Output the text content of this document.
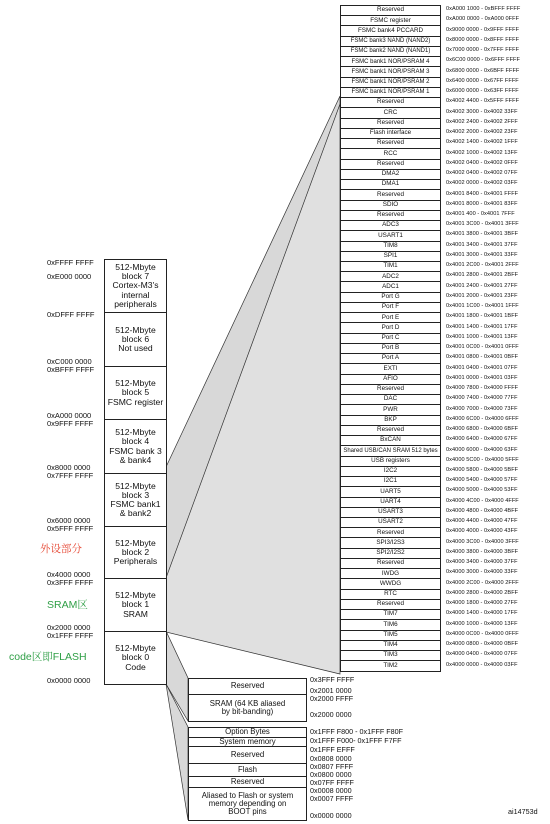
512-Mbyte
block 7
Cortex-M3's
internal
peripherals
512-Mbyte
block 6
Not used
512-Mbyte
block 5
FSMC register
512-Mbyte
block 4
FSMC bank 3
& bank4
512-Mbyte
block 3
FSMC bank1
& bank2
512-Mbyte
block 2
Peripherals
512-Mbyte
block 1
SRAM
512-Mbyte
block 0
Code
0xFFFF FFFF
0xE000 0000
0xDFFF FFFF
0xC000 0000
0xBFFF FFFF
0xA000 0000
0x9FFF FFFF
0x8000 0000
0x7FFF FFFF
0x6000 0000
0x5FFF FFFF
0x4000 0000
0x3FFF FFFF
0x2000 0000
0x1FFF FFFF
0x0000 0000
外设部分
SRAM区
code区即FLASH
Reserved	0xA000 1000 - 0xBFFF FFFF
FSMC register	0xA000 0000 - 0xA000 0FFF
FSMC bank4 PCCARD	0x9000 0000 - 0x9FFF FFFF
FSMC bank3 NAND (NAND2)	0x8000 0000 - 0x8FFF FFFF
FSMC bank2 NAND (NAND1)	0x7000 0000 - 0x7FFF FFFF
FSMC bank1 NOR/PSRAM 4	0x6C00 0000 - 0x6FFF FFFF
FSMC bank1 NOR/PSRAM 3	0x6800 0000 - 0x6BFF FFFF
FSMC bank1 NOR/PSRAM 2	0x6400 0000 - 0x67FF FFFF
FSMC bank1 NOR/PSRAM 1	0x6000 0000 - 0x63FF FFFF
Reserved	0x4002 4400 - 0x5FFF FFFF
CRC	0x4002 3000 - 0x4002 33FF
Reserved	0x4002 2400 - 0x4002 2FFF
Flash interface	0x4002 2000 - 0x4002 23FF
Reserved	0x4002 1400 - 0x4002 1FFF
RCC	0x4002 1000 - 0x4002 13FF
Reserved	0x4002 0400 - 0x4002 0FFF
DMA2	0x4002 0400 - 0x4002 07FF
DMA1	0x4002 0000 - 0x4002 03FF
Reserved	0x4001 8400 - 0x4001 FFFF
SDIO	0x4001 8000 - 0x4001 83FF
Reserved	0x4001 400 - 0x4001 7FFF
ADC3	0x4001 3C00 - 0x4001 3FFF
USART1	0x4001 3800 - 0x4001 3BFF
TIM8	0x4001 3400 - 0x4001 37FF
SPI1	0x4001 3000 - 0x4001 33FF
TIM1	0x4001 2C00 - 0x4001 2FFF
ADC2	0x4001 2800 - 0x4001 2BFF
ADC1	0x4001 2400 - 0x4001 27FF
Port G	0x4001 2000 - 0x4001 23FF
Port F	0x4001 1C00 - 0x4001 1FFF
Port E	0x4001 1800 - 0x4001 1BFF
Port D	0x4001 1400 - 0x4001 17FF
Port C	0x4001 1000 - 0x4001 13FF
Port B	0x4001 0C00 - 0x4001 0FFF
Port A	0x4001 0800 - 0x4001 0BFF
EXTI	0x4001 0400 - 0x4001 07FF
AFIO	0x4001 0000 - 0x4001 03FF
Reserved	0x4000 7800 - 0x4000 FFFF
DAC	0x4000 7400 - 0x4000 77FF
PWR	0x4000 7000 - 0x4000 73FF
BKP	0x4000 6C00 - 0x4000 6FFF
Reserved	0x4000 6800 - 0x4000 6BFF
BxCAN	0x4000 6400 - 0x4000 67FF
Shared USB/CAN SRAM 512 bytes	0x4000 6000 - 0x4000 63FF
USB registers	0x4000 5C00 - 0x4000 5FFF
I2C2	0x4000 5800 - 0x4000 5BFF
I2C1	0x4000 5400 - 0x4000 57FF
UART5	0x4000 5000 - 0x4000 53FF
UART4	0x4000 4C00 - 0x4000 4FFF
USART3	0x4000 4800 - 0x4000 4BFF
USART2	0x4000 4400 - 0x4000 47FF
Reserved	0x4000 4000 - 0x4000 43FF
SPI3/I2S3	0x4000 3C00 - 0x4000 3FFF
SPI2/I2S2	0x4000 3800 - 0x4000 3BFF
Reserved	0x4000 3400 - 0x4000 37FF
IWDG	0x4000 3000 - 0x4000 33FF
WWDG	0x4000 2C00 - 0x4000 2FFF
RTC	0x4000 2800 - 0x4000 2BFF
Reserved	0x4000 1800 - 0x4000 27FF
TIM7	0x4000 1400 - 0x4000 17FF
TIM6	0x4000 1000 - 0x4000 13FF
TIM5	0x4000 0C00 - 0x4000 0FFF
TIM4	0x4000 0800 - 0x4000 0BFF
TIM3	0x4000 0400 - 0x4000 07FF
TIM2	0x4000 0000 - 0x4000 03FF
Reserved
SRAM (64 KB aliased
by bit-banding)
0x3FFF FFFF
0x2001 0000
0x2000 FFFF
0x2000 0000
Option Bytes
System memory
Reserved
Flash
Reserved
Aliased to Flash or system
memory depending on
BOOT pins
0x1FFF F800 - 0x1FFF F80F
0x1FFF F000- 0x1FFF F7FF
0x1FFF EFFF
0x0808 0000
0x0807 FFFF
0x0800 0000
0x07FF FFFF
0x0008 0000
0x0007 FFFF
0x0000 0000	ai14753d
